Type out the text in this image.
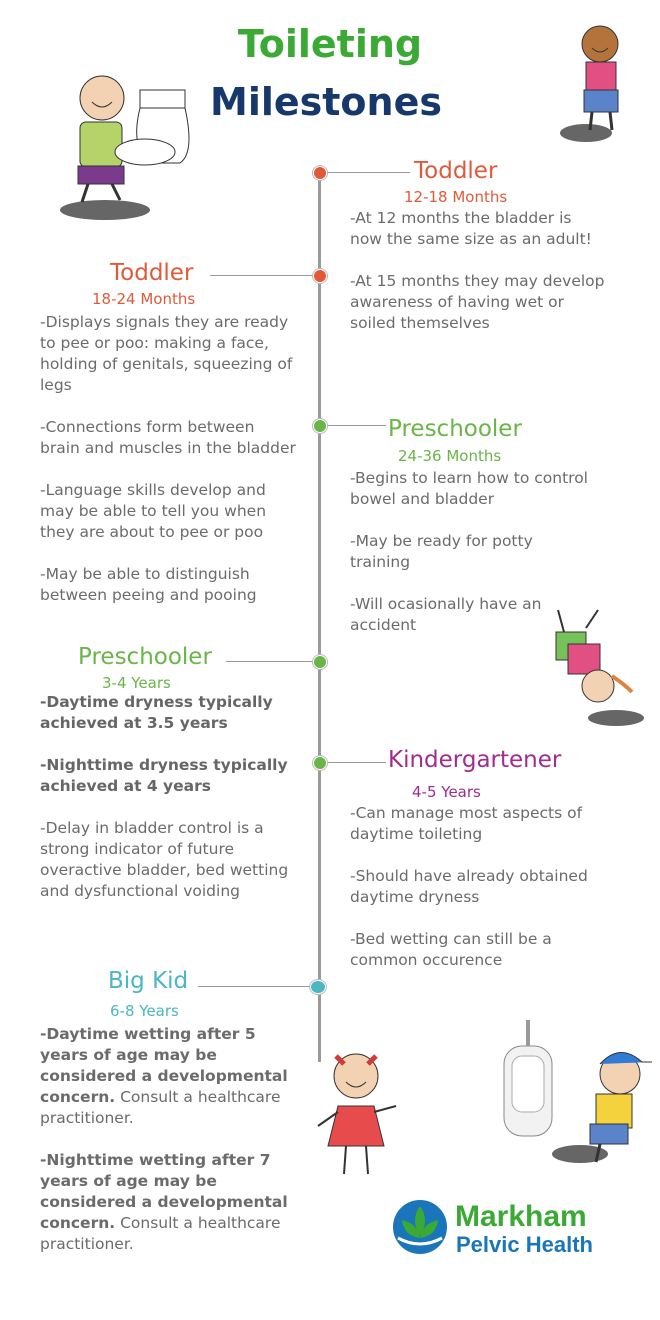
Toileting
Milestones
Toddler
12-18 Months

-At 12 months the bladder is now the same size as an adult!

-At 15 months they may develop awareness of having wet or soiled themselves

Toddler
18-24 Months

-Displays signals they are ready to pee or poo: making a face, holding of genitals, squeezing of legs

-Connections form between brain and muscles in the bladder

-Language skills develop and may be able to tell you when they are about to pee or poo

-May be able to distinguish between peeing and pooing

Preschooler
24-36 Months

-Begins to learn how to control bowel and bladder

-May be ready for potty training

-Will ocasionally have an accident

Preschooler
3-4 Years

-Daytime dryness typically achieved at 3.5 years

-Nighttime dryness typically achieved at 4 years

-Delay in bladder control is a strong indicator of future overactive bladder, bed wetting and dysfunctional voiding

Kindergartener
4-5 Years

-Can manage most aspects of daytime toileting

-Should have already obtained daytime dryness

-Bed wetting can still be a common occurence

Big Kid
6-8 Years

-Daytime wetting after 5 years of age may be considered a developmental concern. Consult a healthcare practitioner.

-Nighttime wetting after 7 years of age may be considered a developmental concern. Consult a healthcare practitioner.

Markham
Pelvic Health
